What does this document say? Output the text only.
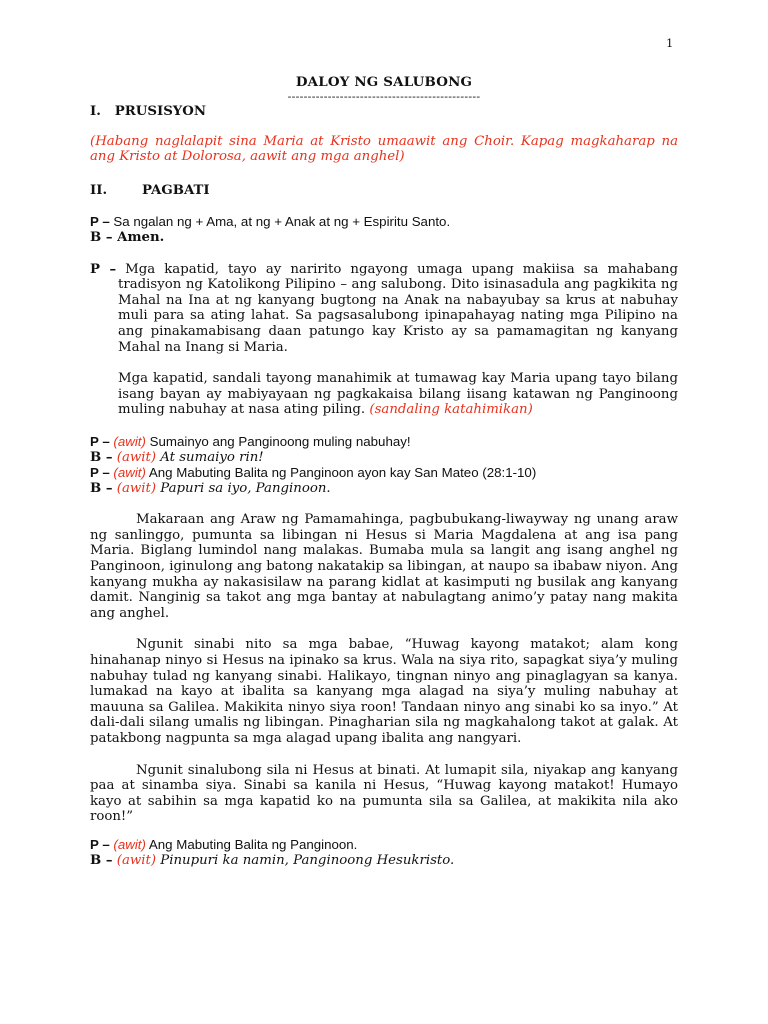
1
DALOY NG SALUBONG
------------------------------------------------

I.   PRUSISYON

(Habang naglalapit sina Maria at Kristo umaawit ang Choir. Kapag magkaharap na ang Kristo at Dolorosa, aawit ang mga anghel)

II.	PAGBATI

P – Sa ngalan ng + Ama, at ng + Anak at ng + Espiritu Santo.

B – Amen.

P – Mga kapatid, tayo ay naririto ngayong umaga upang makiisa sa mahabang tradisyon ng Katolikong Pilipino – ang salubong. Dito isinasadula ang pagkikita ng Mahal na Ina at ng kanyang bugtong na Anak na nabayubay sa krus at nabuhay muli para sa ating lahat. Sa pagsasalubong ipinapahayag nating mga Pilipino na ang pinakamabisang daan patungo kay Kristo ay sa pamamagitan ng kanyang Mahal na Inang si Maria.

Mga kapatid, sandali tayong manahimik at tumawag kay Maria upang tayo bilang isang bayan ay mabiyayaan ng pagkakaisa bilang iisang katawan ng Panginoong muling nabuhay at nasa ating piling. (sandaling katahimikan)

P – (awit) Sumainyo ang Panginoong muling nabuhay!

B – (awit) At sumaiyo rin!

P – (awit) Ang Mabuting Balita ng Panginoon ayon kay San Mateo (28:1-10)

B – (awit) Papuri sa iyo, Panginoon.

Makaraan ang Araw ng Pamamahinga, pagbubukang-liwayway ng unang araw ng sanlinggo, pumunta sa libingan ni Hesus si Maria Magdalena at ang isa pang Maria. Biglang lumindol nang malakas. Bumaba mula sa langit ang isang anghel ng Panginoon, iginulong ang batong nakatakip sa libingan, at naupo sa ibabaw niyon. Ang kanyang mukha ay nakasisilaw na parang kidlat at kasimputi ng busilak ang kanyang damit. Nanginig sa takot ang mga bantay at nabulagtang animo’y patay nang makita ang anghel.

Ngunit sinabi nito sa mga babae, “Huwag kayong matakot; alam kong hinahanap ninyo si Hesus na ipinako sa krus. Wala na siya rito, sapagkat siya’y muling nabuhay tulad ng kanyang sinabi. Halikayo, tingnan ninyo ang pinaglagyan sa kanya. lumakad na kayo at ibalita sa kanyang mga alagad na siya’y muling nabuhay at mauuna sa Galilea. Makikita ninyo siya roon! Tandaan ninyo ang sinabi ko sa inyo.” At dali-dali silang umalis ng libingan. Pinagharian sila ng magkahalong takot at galak. At patakbong nagpunta sa mga alagad upang ibalita ang nangyari.

Ngunit sinalubong sila ni Hesus at binati. At lumapit sila, niyakap ang kanyang paa at sinamba siya. Sinabi sa kanila ni Hesus, “Huwag kayong matakot! Humayo kayo at sabihin sa mga kapatid ko na pumunta sila sa Galilea, at makikita nila ako roon!”

P – (awit) Ang Mabuting Balita ng Panginoon.

B – (awit) Pinupuri ka namin, Panginoong Hesukristo.
